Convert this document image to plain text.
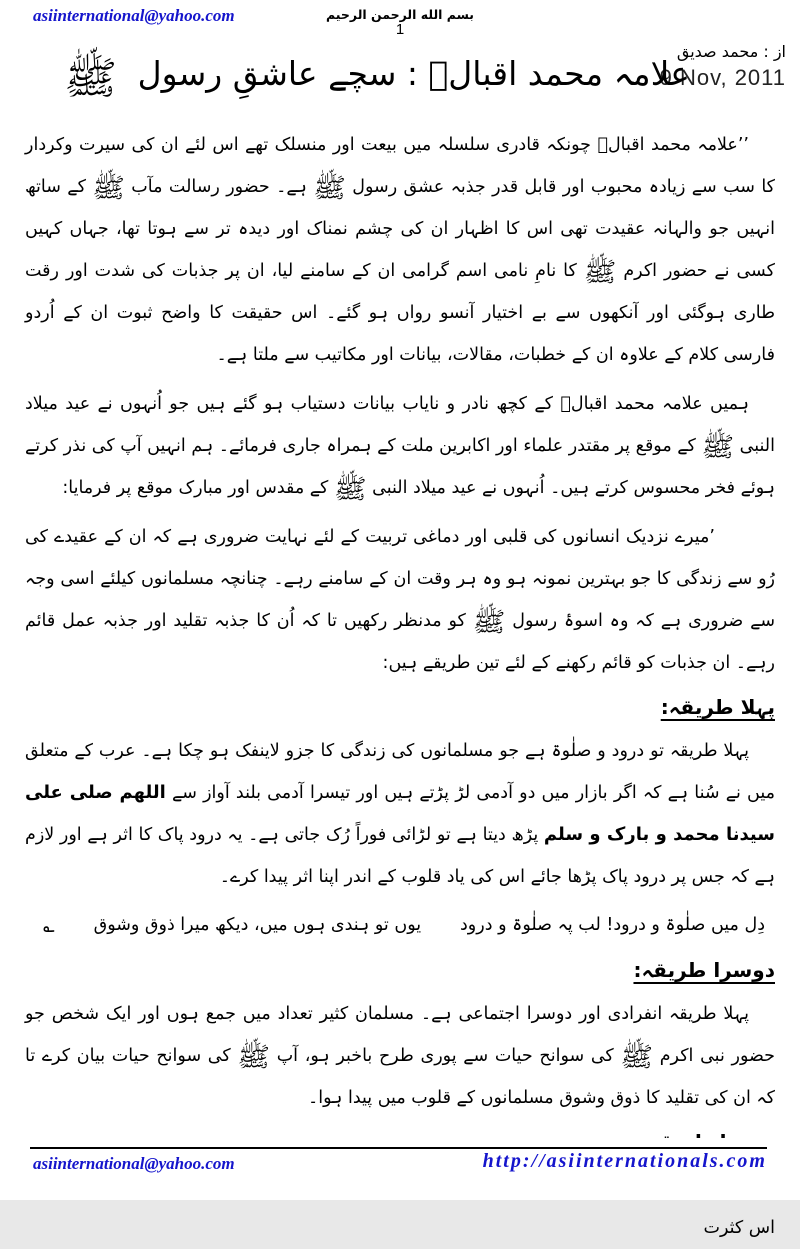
asiinternational@yahoo.com	بسم الله الرحمن الرحيم
1
از : محمد صدیق
9 Nov, 2011
علامہ محمد اقبالؒ : سچے عاشقِ رسول ﷺ

’’علامہ محمد اقبالؒ چونکہ قادری سلسلہ میں بیعت اور منسلک تھے اس لئے ان کی سیرت وکردار کا سب سے زیادہ محبوب اور قابل قدر جذبہ عشق رسول ﷺ ہے۔ حضور رسالت مآب ﷺ کے ساتھ انہیں جو والہانہ عقیدت تھی اس کا اظہار ان کی چشم نمناک اور دیدہ تر سے ہوتا تھا، جہاں کہیں کسی نے حضور اکرم ﷺ کا نامِ نامی اسم گرامی ان کے سامنے لیا، ان پر جذبات کی شدت اور رقت طاری ہوگئی اور آنکھوں سے بے اختیار آنسو رواں ہو گئے۔ اس حقیقت کا واضح ثبوت ان کے اُردو فارسی کلام کے علاوہ ان کے خطبات، مقالات، بیانات اور مکاتیب سے ملتا ہے۔

ہمیں علامہ محمد اقبالؒ کے کچھ نادر و نایاب بیانات دستیاب ہو گئے ہیں جو اُنہوں نے عید میلاد النبی ﷺ کے موقع پر مقتدر علماء اور اکابرین ملت کے ہمراہ جاری فرمائے۔ ہم انہیں آپ کی نذر کرتے ہوئے فخر محسوس کرتے ہیں۔ اُنہوں نے عید میلاد النبی ﷺ کے مقدس اور مبارک موقع پر فرمایا:

’میرے نزدیک انسانوں کی قلبی اور دماغی تربیت کے لئے نہایت ضروری ہے کہ ان کے عقیدے کی رُو سے زندگی کا جو بہترین نمونہ ہو وہ ہر وقت ان کے سامنے رہے۔ چنانچہ مسلمانوں کیلئے اسی وجہ سے ضروری ہے کہ وہ اسوۂ رسول ﷺ کو مدنظر رکھیں تا کہ اُن کا جذبہ تقلید اور جذبہ عمل قائم رہے۔ ان جذبات کو قائم رکھنے کے لئے تین طریقے ہیں:

پہلا طریقہ:

پہلا طریقہ تو درود و صلٰوۃ ہے جو مسلمانوں کی زندگی کا جزو لاینفک ہو چکا ہے۔ عرب کے متعلق میں نے سُنا ہے کہ اگر بازار میں دو آدمی لڑ پڑتے ہیں اور تیسرا آدمی بلند آواز سے اللھم صلی علی سیدنا محمد و بارک و سلم پڑھ دیتا ہے تو لڑائی فوراً رُک جاتی ہے۔ یہ درود پاک کا اثر ہے اور لازم ہے کہ جس پر درود پاک پڑھا جائے اس کی یاد قلوب کے اندر اپنا اثر پیدا کرے۔

دِل میں صلٰوۃ و درود! لب پہ صلٰوۃ و درود
یوں تو ہندی ہوں میں، دیکھ میرا ذوق وشوق
؎
دوسرا طریقہ:

پہلا طریقہ انفرادی اور دوسرا اجتماعی ہے۔ مسلمان کثیر تعداد میں جمع ہوں اور ایک شخص جو حضور نبی اکرم ﷺ کی سوانح حیات سے پوری طرح باخبر ہو، آپ ﷺ کی سوانح حیات بیان کرے تا کہ ان کی تقلید کا ذوق وشوق مسلمانوں کے قلوب میں پیدا ہوا۔

اس کثرت

asiinternational@yahoo.com	http://asiinternationals.com
